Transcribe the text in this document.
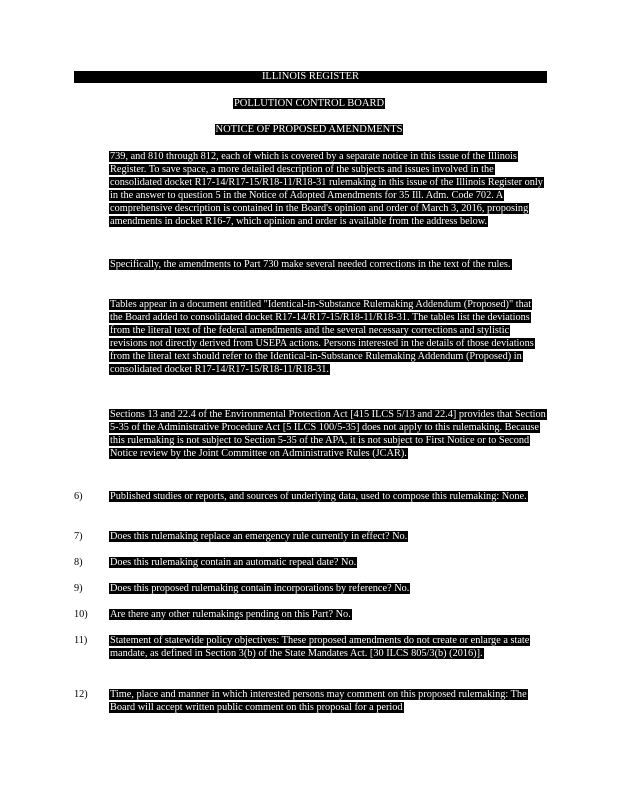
ILLINOIS REGISTER
POLLUTION CONTROL BOARD
NOTICE OF PROPOSED AMENDMENTS
739, and 810 through 812, each of which is covered by a separate notice in this issue of the Illinois Register. To save space, a more detailed description of the subjects and issues involved in the consolidated docket R17-14/R17-15/R18-11/R18-31 rulemaking in this issue of the Illinois Register only in the answer to question 5 in the Notice of Adopted Amendments for 35 Ill. Adm. Code 702. A comprehensive description is contained in the Board's opinion and order of March 3, 2016, proposing amendments in docket R16-7, which opinion and order is available from the address below.
Specifically, the amendments to Part 730 make several needed corrections in the text of the rules.
Tables appear in a document entitled "Identical-in-Substance Rulemaking Addendum (Proposed)" that the Board added to consolidated docket R17-14/R17-15/R18-11/R18-31. The tables list the deviations from the literal text of the federal amendments and the several necessary corrections and stylistic revisions not directly derived from USEPA actions. Persons interested in the details of those deviations from the literal text should refer to the Identical-in-Substance Rulemaking Addendum (Proposed) in consolidated docket R17-14/R17-15/R18-11/R18-31.
Sections 13 and 22.4 of the Environmental Protection Act [415 ILCS 5/13 and 22.4] provides that Section 5-35 of the Administrative Procedure Act [5 ILCS 100/5-35] does not apply to this rulemaking. Because this rulemaking is not subject to Section 5-35 of the APA, it is not subject to First Notice or to Second Notice review by the Joint Committee on Administrative Rules (JCAR).
6)	Published studies or reports, and sources of underlying data, used to compose this rulemaking: None.
7)	Does this rulemaking replace an emergency rule currently in effect? No.
8)	Does this rulemaking contain an automatic repeal date? No.
9)	Does this proposed rulemaking contain incorporations by reference? No.
10) Are there any other rulemakings pending on this Part? No.
11) Statement of statewide policy objectives: These proposed amendments do not create or enlarge a state mandate, as defined in Section 3(b) of the State Mandates Act. [30 ILCS 805/3(b) (2016)].
12) Time, place and manner in which interested persons may comment on this proposed rulemaking: The Board will accept written public comment on this proposal for a period
